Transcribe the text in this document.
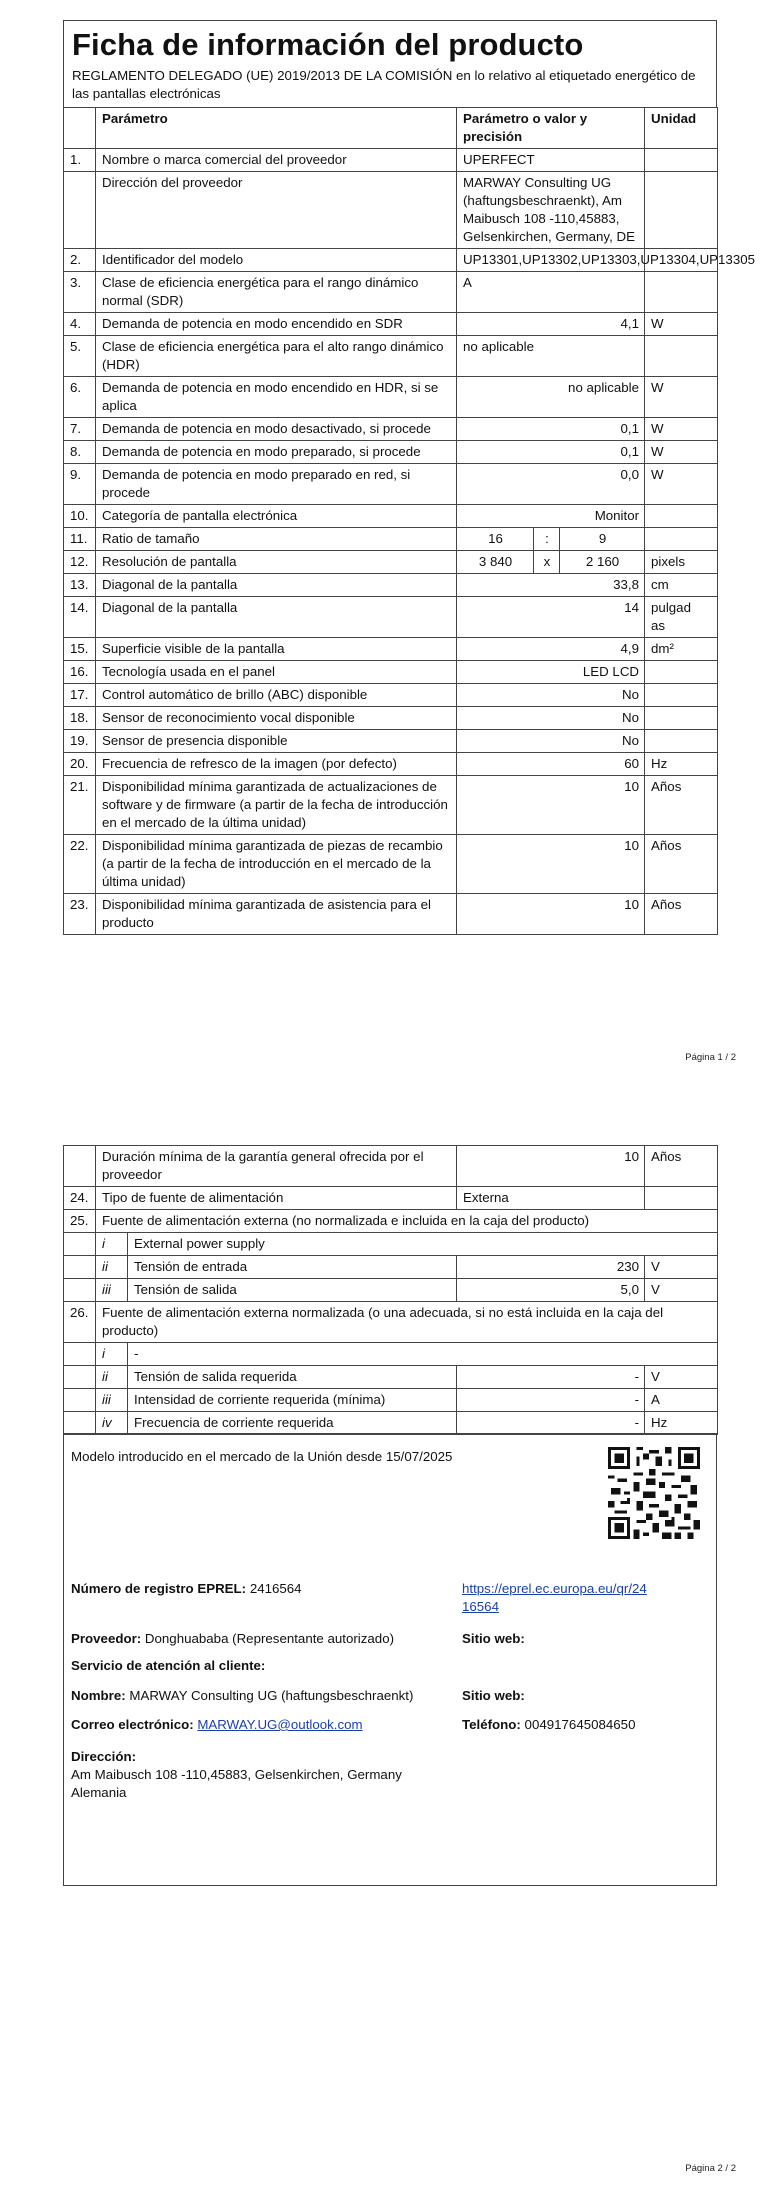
Ficha de información del producto
REGLAMENTO DELEGADO (UE) 2019/2013 DE LA COMISIÓN en lo relativo al etiquetado energético de las pantallas electrónicas
	Parámetro	Parámetro o valor y precisión			Unidad
1.	Nombre o marca comercial del proveedor	UPERFECT			
	Dirección del proveedor	MARWAY Consulting UG (haftungsbeschraenkt), Am Maibusch 108 -110,45883, Gelsenkirchen, Germany, DE			
2.	Identificador del modelo	UP13301,UP13302,UP13303,UP13304,UP13305			
3.	Clase de eficiencia energética para el rango dinámico normal (SDR)	A			
4.	Demanda de potencia en modo encendido en SDR	4,1			W
5.	Clase de eficiencia energética para el alto rango dinámico (HDR)	no aplicable			
6.	Demanda de potencia en modo encendido en HDR, si se aplica	no aplicable			W
7.	Demanda de potencia en modo desactivado, si procede	0,1			W
8.	Demanda de potencia en modo preparado, si procede	0,1			W
9.	Demanda de potencia en modo preparado en red, si procede	0,0			W
10.	Categoría de pantalla electrónica	Monitor			
11.	Ratio de tamaño	16	:	9	
12.	Resolución de pantalla	3 840	x	2 160	pixels
13.	Diagonal de la pantalla	33,8			cm
14.	Diagonal de la pantalla	14			pulgadas

15.	Superficie visible de la pantalla	4,9			dm²
16.	Tecnología usada en el panel	LED LCD			
17.	Control automático de brillo (ABC) disponible	No			
18.	Sensor de reconocimiento vocal disponible	No			
19.	Sensor de presencia disponible	No			
20.	Frecuencia de refresco de la imagen (por defecto)	60			Hz
21.	Disponibilidad mínima garantizada de actualizaciones de software y de firmware (a partir de la fecha de introducción en el mercado de la última unidad)	10			Años
22.	Disponibilidad mínima garantizada de piezas de recambio (a partir de la fecha de introducción en el mercado de la última unidad)	10			Años
23.	Disponibilidad mínima garantizada de asistencia para el producto	10			Años
Página 1 / 2
	Duración mínima de la garantía general ofrecida por el proveedor		10	Años
24.	Tipo de fuente de alimentación		Externa	
25.	Fuente de alimentación externa (no normalizada e incluida en la caja del producto)			
	i	External power supply		
	ii	Tensión de entrada	230	V
	iii	Tensión de salida	5,0	V
26.	Fuente de alimentación externa normalizada (o una adecuada, si no está incluida en la caja del producto)			
	i	-		
	ii	Tensión de salida requerida	-	V
	iii	Intensidad de corriente requerida (mínima)	-	A
	iv	Frecuencia de corriente requerida	-	Hz
Modelo introducido en el mercado de la Unión desde 15/07/2025
Número de registro EPREL: 2416564	https://eprel.ec.europa.eu/qr/24
16564
Proveedor: Donghuababa (Representante autorizado)	Sitio web:
Servicio de atención al cliente:
Nombre: MARWAY Consulting UG (haftungsbeschraenkt)	Sitio web:
Correo electrónico: MARWAY.UG@outlook.com	Teléfono: 004917645084650
Dirección:
Am Maibusch 108 -110,45883, Gelsenkirchen, Germany
Alemania
Página 2 / 2
